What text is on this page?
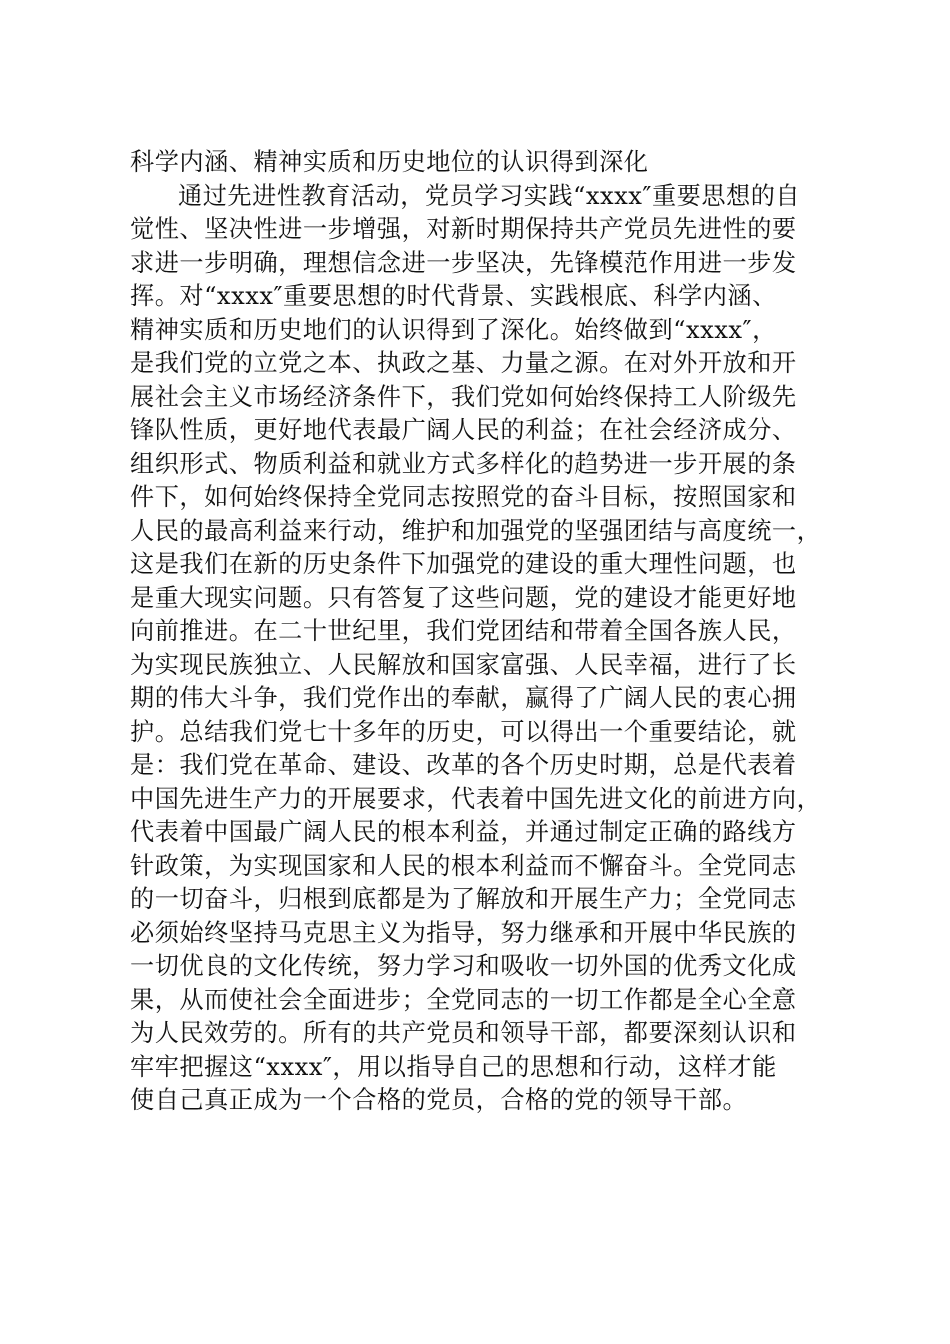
科学内涵、精神实质和历史地位的认识得到深化
通过先进性教育活动，党员学习实践“xxxx″重要思想的自
觉性、坚决性进一步增强，对新时期保持共产党员先进性的要
求进一步明确，理想信念进一步坚决，先锋模范作用进一步发
挥。对“xxxx″重要思想的时代背景、实践根底、科学内涵、
精神实质和历史地们的认识得到了深化。始终做到“xxxx″，
是我们党的立党之本、执政之基、力量之源。在对外开放和开
展社会主义市场经济条件下，我们党如何始终保持工人阶级先
锋队性质，更好地代表最广阔人民的利益；在社会经济成分、
组织形式、物质利益和就业方式多样化的趋势进一步开展的条
件下，如何始终保持全党同志按照党的奋斗目标，按照国家和
人民的最高利益来行动，维护和加强党的坚强团结与高度统一，
这是我们在新的历史条件下加强党的建设的重大理性问题，也
是重大现实问题。只有答复了这些问题，党的建设才能更好地
向前推进。在二十世纪里，我们党团结和带着全国各族人民，
为实现民族独立、人民解放和国家富强、人民幸福，进行了长
期的伟大斗争，我们党作出的奉献，赢得了广阔人民的衷心拥
护。总结我们党七十多年的历史，可以得出一个重要结论，就
是：我们党在革命、建设、改革的各个历史时期，总是代表着
中国先进生产力的开展要求，代表着中国先进文化的前进方向，
代表着中国最广阔人民的根本利益，并通过制定正确的路线方
针政策，为实现国家和人民的根本利益而不懈奋斗。全党同志
的一切奋斗，归根到底都是为了解放和开展生产力；全党同志
必须始终坚持马克思主义为指导，努力继承和开展中华民族的
一切优良的文化传统，努力学习和吸收一切外国的优秀文化成
果，从而使社会全面进步；全党同志的一切工作都是全心全意
为人民效劳的。所有的共产党员和领导干部，都要深刻认识和
牢牢把握这“xxxx″，用以指导自己的思想和行动，这样才能
使自己真正成为一个合格的党员，合格的党的领导干部。
